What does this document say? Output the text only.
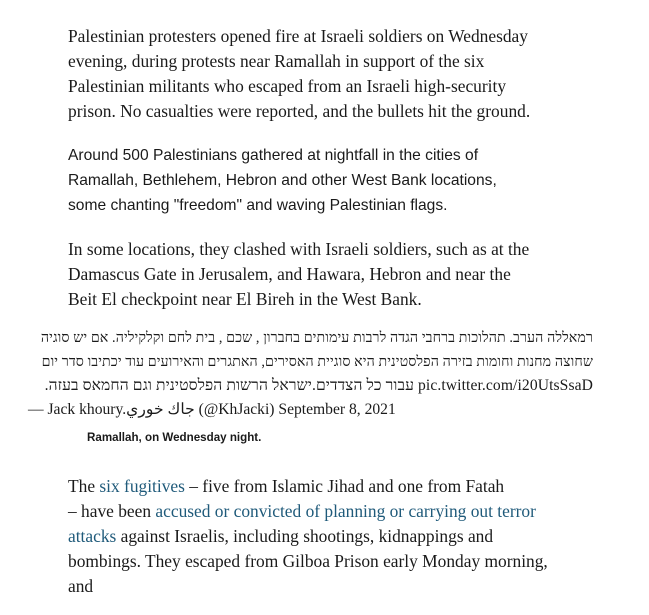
Palestinian protesters opened fire at Israeli soldiers on Wednesday
evening, during protests near Ramallah in support of the six
Palestinian militants who escaped from an Israeli high-security
prison. No casualties were reported, and the bullets hit the ground.
Around 500 Palestinians gathered at nightfall in the cities of
Ramallah, Bethlehem, Hebron and other West Bank locations,
some chanting "freedom" and waving Palestinian flags.
In some locations, they clashed with Israeli soldiers, such as at the
Damascus Gate in Jerusalem, and Hawara, Hebron and near the
Beit El checkpoint near El Bireh in the West Bank.
רמאללה הערב. תהלוכות ברחבי הגדה לרבות עימותים בחברון , שכם , בית לחם וקלקיליה. אם יש סוגיה
שחוצה מחנות וחומות בזירה הפלסטינית היא סוגיית האסירים, האתגרים והאירועים עוד יכתיבו סדר יום
pic.twitter.com/i20UtsSsaD עבור כל הצדדים.ישראל הרשות הפלסטינית וגם החמאס בעזה.
— Jack khoury.جاك خوري (@KhJacki) September 8, 2021
Ramallah, on Wednesday night.
The six fugitives – five from Islamic Jihad and one from Fatah
– have been accused or convicted of planning or carrying out terror
attacks against Israelis, including shootings, kidnappings and
bombings. They escaped from Gilboa Prison early Monday morning,
and
